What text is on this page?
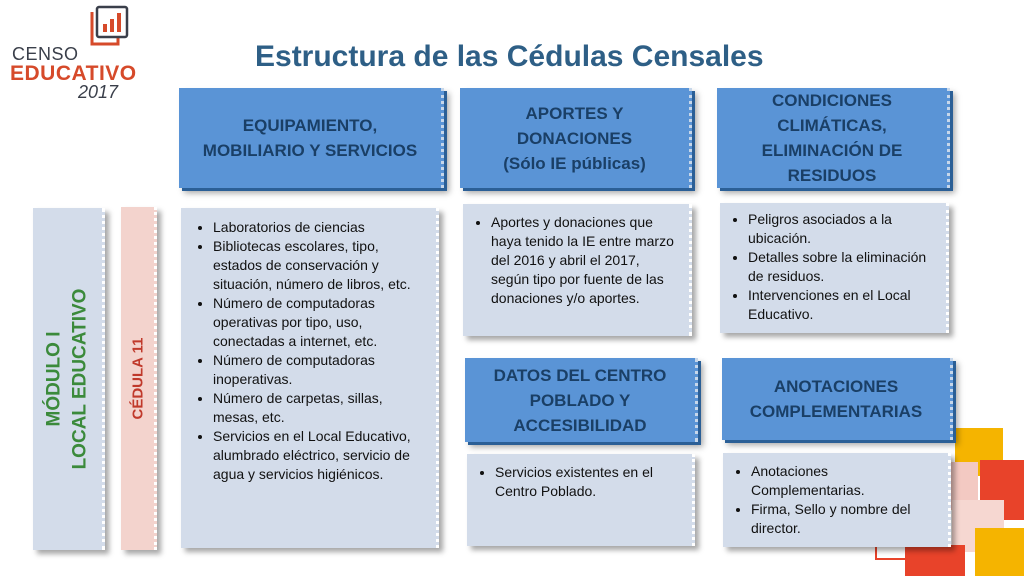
CENSO
EDUCATIVO
2017
Estructura de las Cédulas Censales
MÓDULO I LOCAL EDUCATIVO	CÉDULA 11
EQUIPAMIENTO,
MOBILIARIO Y SERVICIOS
APORTES Y
DONACIONES
(Sólo IE públicas)
CONDICIONES
CLIMÁTICAS,
ELIMINACIÓN DE
RESIDUOS
DATOS DEL CENTRO
POBLADO Y
ACCESIBILIDAD
ANOTACIONES
COMPLEMENTARIAS
• Laboratorios de ciencias
• Bibliotecas escolares, tipo, estados de conservación y situación, número de libros, etc.
• Número de computadoras operativas por tipo, uso, conectadas a internet, etc.
• Número de computadoras inoperativas.
• Número de carpetas, sillas, mesas, etc.
• Servicios en el Local Educativo, alumbrado eléctrico, servicio de agua y servicios higiénicos.
• Aportes y donaciones que haya tenido la IE entre marzo del 2016 y abril el 2017, según tipo por fuente de las donaciones y/o aportes.
• Peligros asociados a la ubicación.
• Detalles sobre la eliminación de residuos.
• Intervenciones en el Local Educativo.
• Servicios existentes en el Centro Poblado.
• Anotaciones Complementarias.
• Firma, Sello y nombre del director.
